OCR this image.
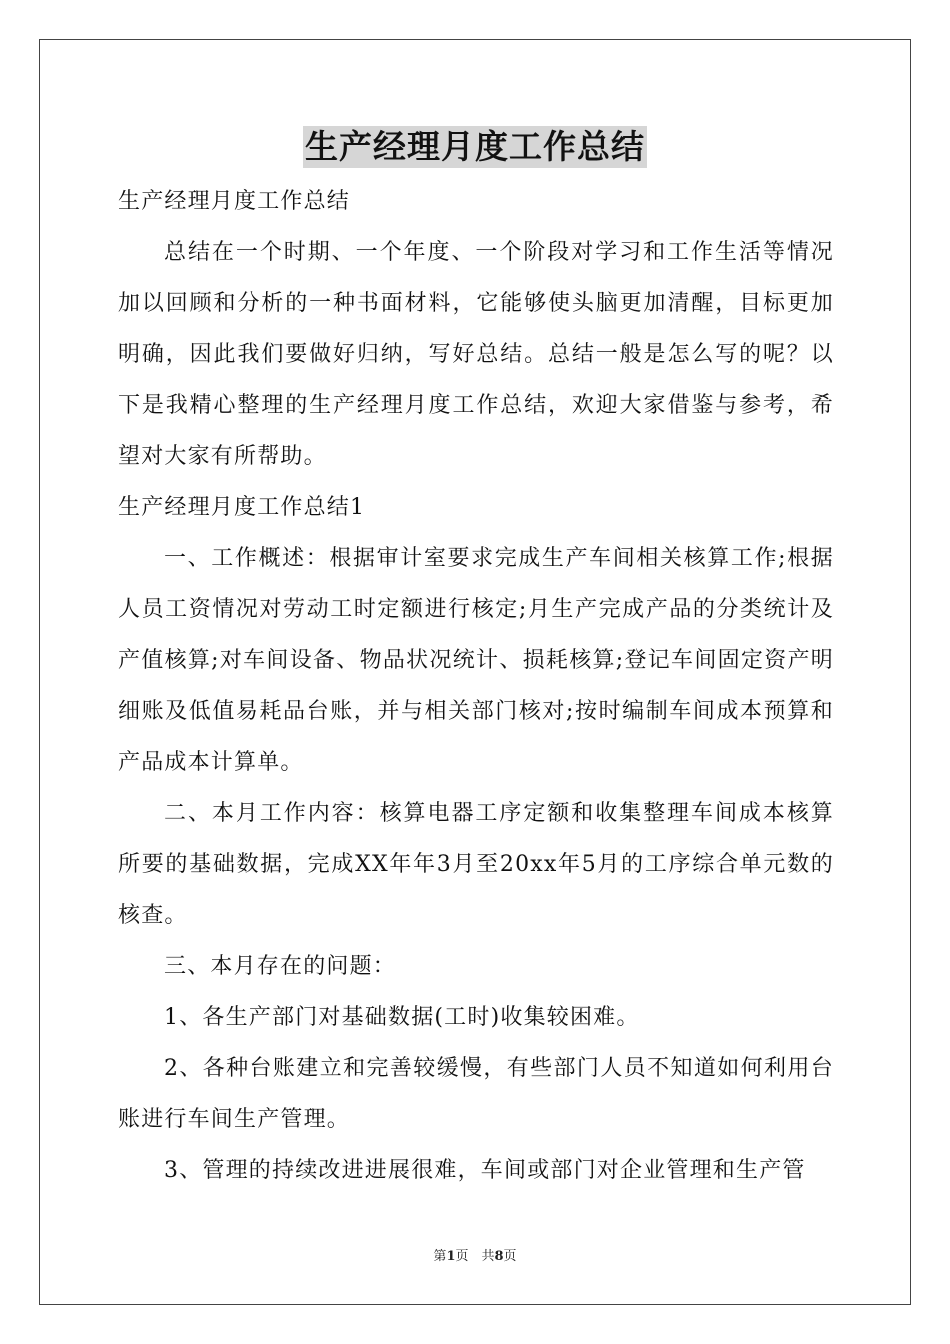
生产经理月度工作总结

生产经理月度工作总结

总结在一个时期、一个年度、一个阶段对学习和工作生活等情况加以回顾和分析的一种书面材料，它能够使头脑更加清醒，目标更加明确，因此我们要做好归纳，写好总结。总结一般是怎么写的呢？以下是我精心整理的生产经理月度工作总结，欢迎大家借鉴与参考，希望对大家有所帮助。

生产经理月度工作总结1

一、工作概述：根据审计室要求完成生产车间相关核算工作;根据人员工资情况对劳动工时定额进行核定;月生产完成产品的分类统计及产值核算;对车间设备、物品状况统计、损耗核算;登记车间固定资产明细账及低值易耗品台账，并与相关部门核对;按时编制车间成本预算和产品成本计算单。

二、本月工作内容：核算电器工序定额和收集整理车间成本核算所要的基础数据，完成XX年年3月至20xx年5月的工序综合单元数的核查。

三、本月存在的问题：

1、各生产部门对基础数据(工时)收集较困难。

2、各种台账建立和完善较缓慢，有些部门人员不知道如何利用台账进行车间生产管理。

3、管理的持续改进进展很难，车间或部门对企业管理和生产管

第1页　共8页
